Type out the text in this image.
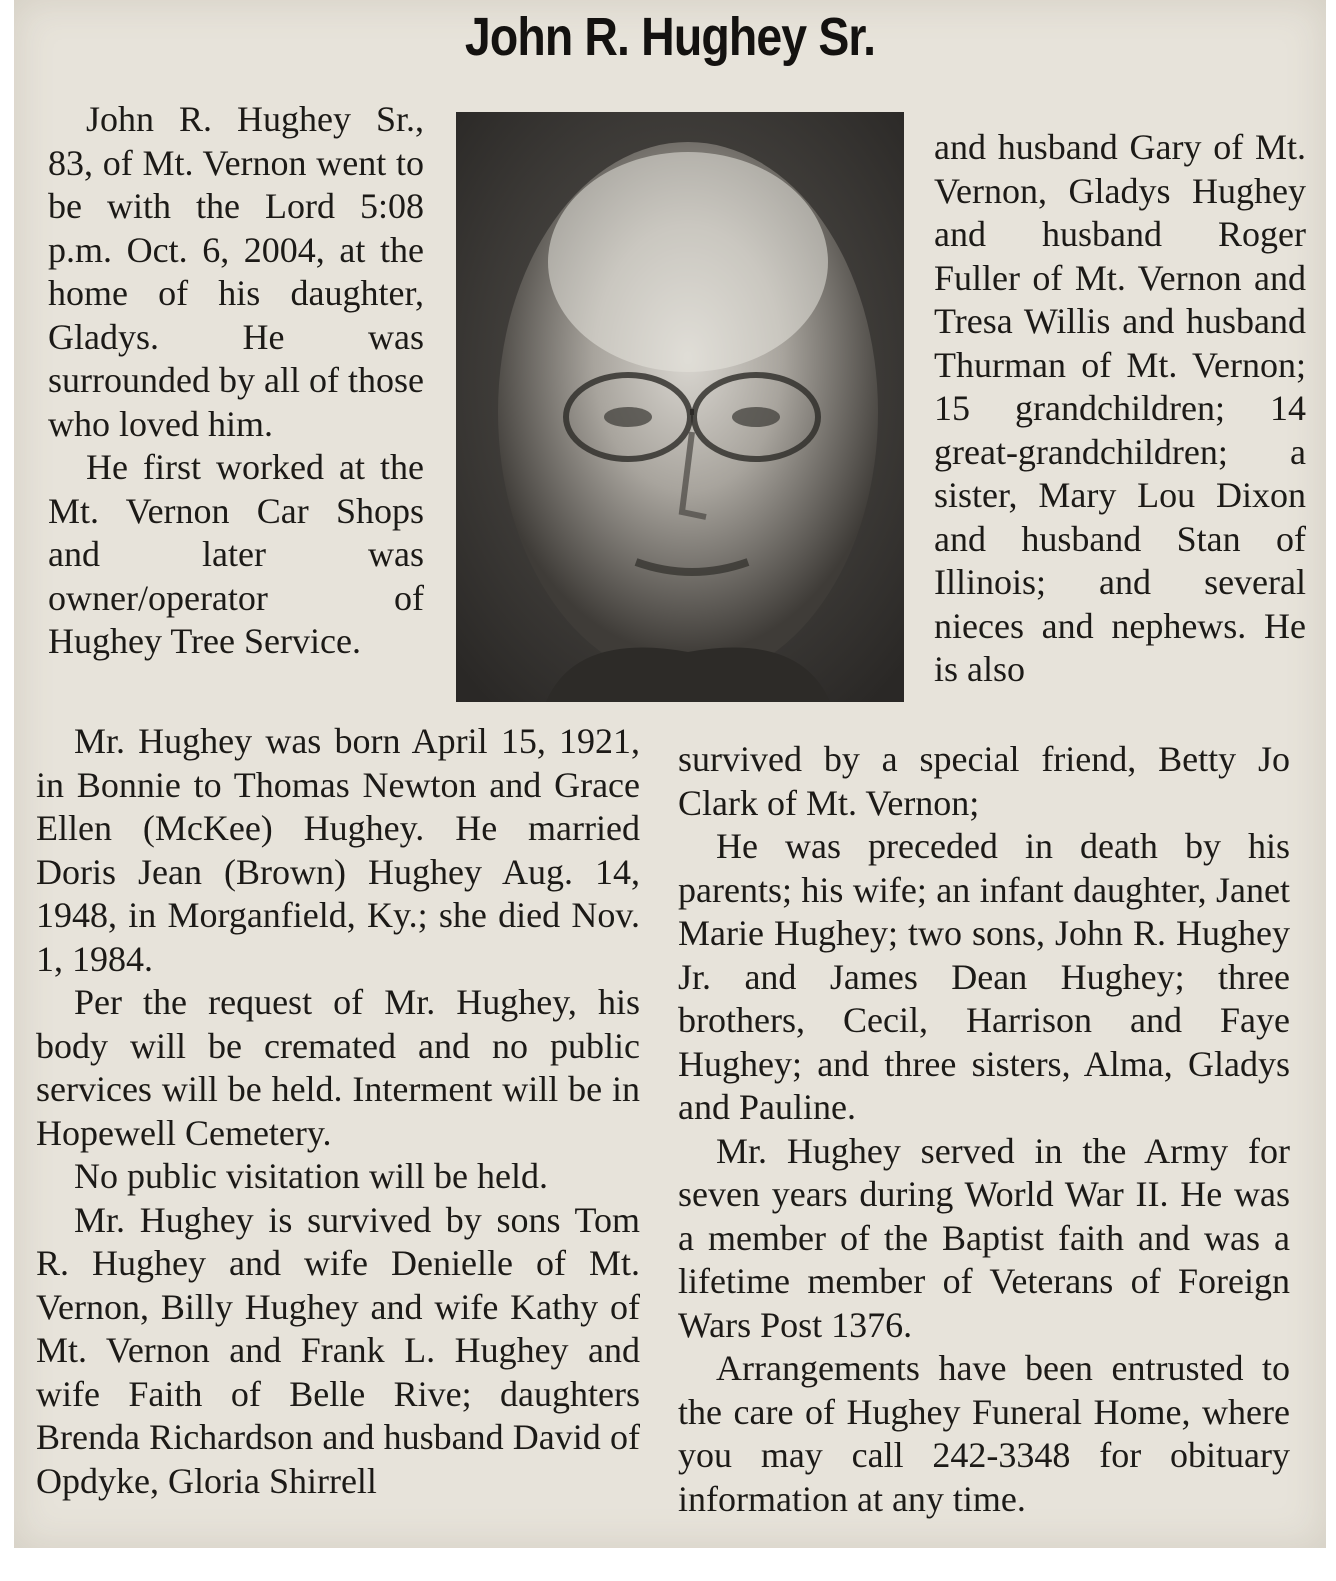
John R. Hughey Sr.

John R. Hughey Sr., 83, of Mt. Vernon went to be with the Lord 5:08 p.m. Oct. 6, 2004, at the home of his daughter, Gladys. He was surrounded by all of those who loved him.

He first worked at the Mt. Vernon Car Shops and later was owner/operator of Hughey Tree Service.

and husband Gary of Mt. Vernon, Gladys Hughey and husband Roger Fuller of Mt. Vernon and Tresa Willis and husband Thurman of Mt. Vernon; 15 grandchildren; 14 great-grandchildren; a sister, Mary Lou Dixon and husband Stan of Illinois; and several nieces and nephews. He is also

Mr. Hughey was born April 15, 1921, in Bonnie to Thomas Newton and Grace Ellen (McKee) Hughey. He married Doris Jean (Brown) Hughey Aug. 14, 1948, in Morganfield, Ky.; she died Nov. 1, 1984.

Per the request of Mr. Hughey, his body will be cremated and no public services will be held. Interment will be in Hopewell Cemetery.

No public visitation will be held.

Mr. Hughey is survived by sons Tom R. Hughey and wife Denielle of Mt. Vernon, Billy Hughey and wife Kathy of Mt. Vernon and Frank L. Hughey and wife Faith of Belle Rive; daughters Brenda Richardson and husband David of Opdyke, Gloria Shirrell

survived by a special friend, Betty Jo Clark of Mt. Vernon;

He was preceded in death by his parents; his wife; an infant daughter, Janet Marie Hughey; two sons, John R. Hughey Jr. and James Dean Hughey; three brothers, Cecil, Harrison and Faye Hughey; and three sisters, Alma, Gladys and Pauline.

Mr. Hughey served in the Army for seven years during World War II. He was a member of the Baptist faith and was a lifetime member of Veterans of Foreign Wars Post 1376.

Arrangements have been entrusted to the care of Hughey Funeral Home, where you may call 242-3348 for obituary information at any time.
